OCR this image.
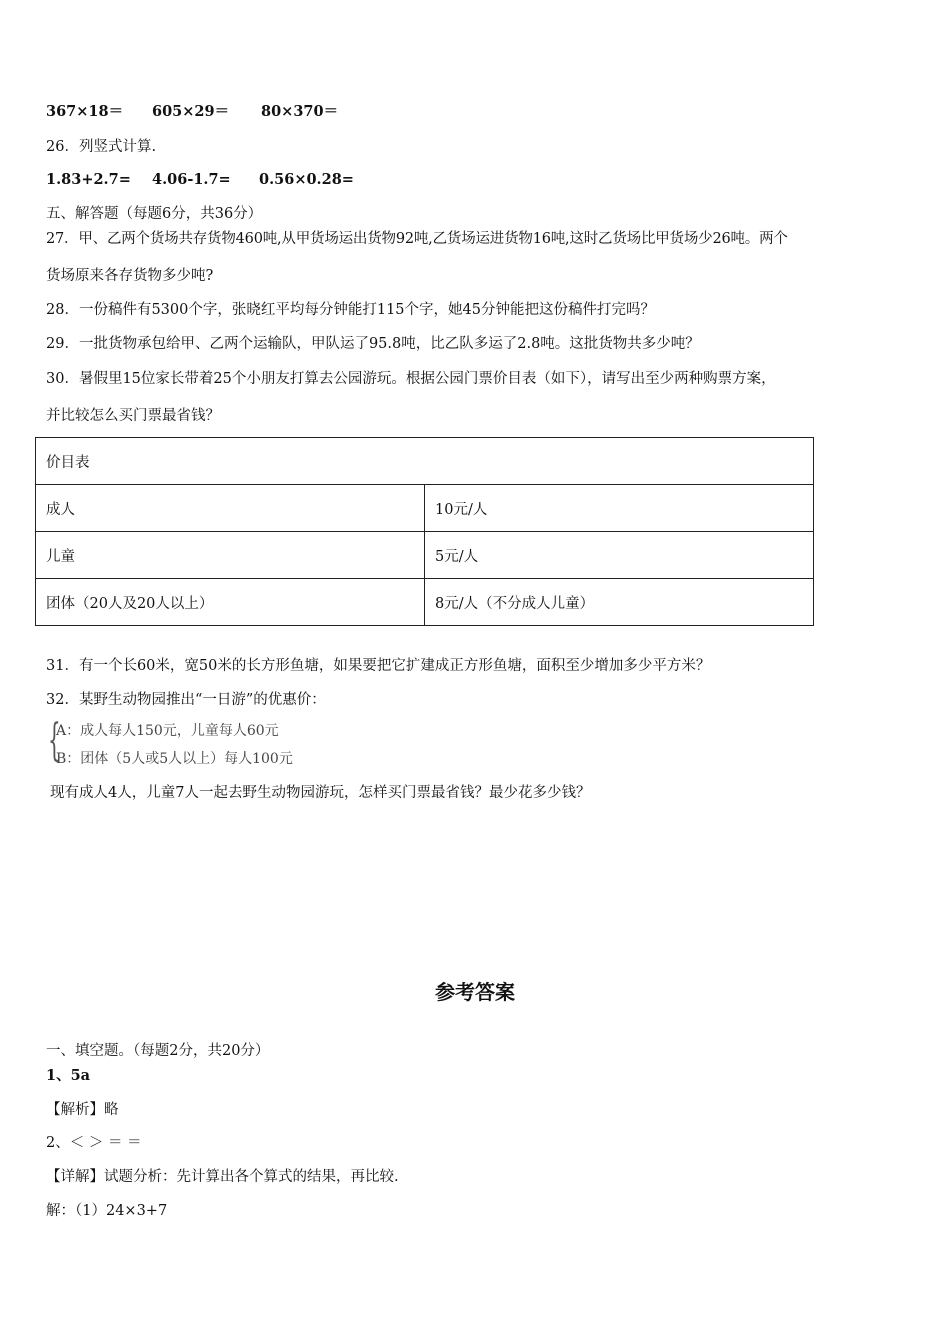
367×18＝ 605×29＝ 80×370＝
26．列竖式计算.
1.83+2.7= 4.06-1.7= 0.56×0.28=
五、解答题（每题6分，共36分）
27．甲、乙两个货场共存货物460吨,从甲货场运出货物92吨,乙货场运进货物16吨,这时乙货场比甲货场少26吨。两个
货场原来各存货物多少吨?
28．一份稿件有5300个字，张晓红平均每分钟能打115个字，她45分钟能把这份稿件打完吗？
29．一批货物承包给甲、乙两个运输队，甲队运了95.8吨，比乙队多运了2.8吨。这批货物共多少吨？
30．暑假里15位家长带着25个小朋友打算去公园游玩。根据公园门票价目表（如下），请写出至少两种购票方案，
并比较怎么买门票最省钱？
价目表	
成人	10元/人
儿童	5元/人
团体（20人及20人以上）	8元/人（不分成人儿童）
31．有一个长60米，宽50米的长方形鱼塘，如果要把它扩建成正方形鱼塘，面积至少增加多少平方米？
32．某野生动物园推出“一日游”的优惠价：
{
A：成人每人150元，儿童每人60元
B：团体（5人或5人以上）每人100元
现有成人4人，儿童7人一起去野生动物园游玩，怎样买门票最省钱？最少花多少钱？
参考答案
一、填空题。（每题2分，共20分）
1、5a
【解析】略
2、＜ ＞ ＝ ＝
【详解】试题分析：先计算出各个算式的结果，再比较.
解：（1）24×3+7
